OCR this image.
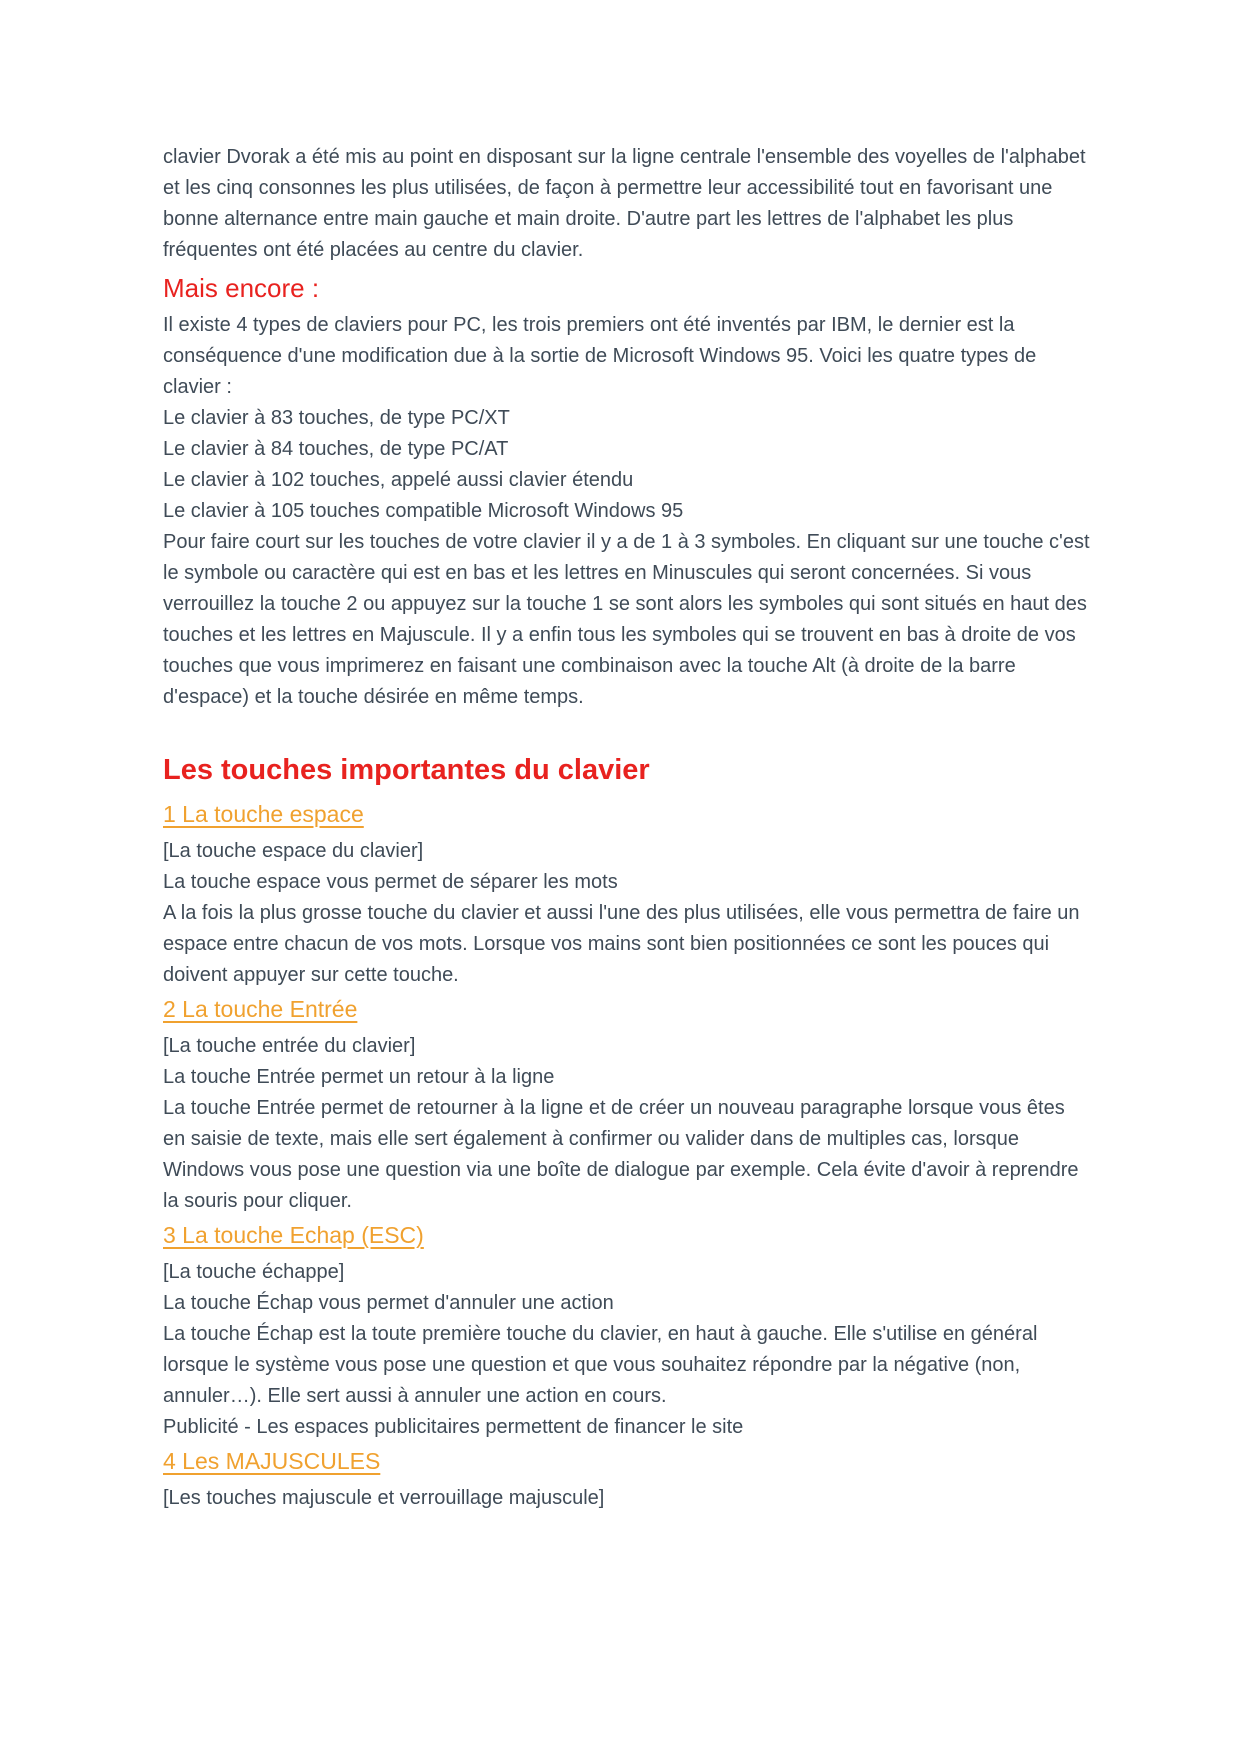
clavier Dvorak a été mis au point en disposant sur la ligne centrale l'ensemble des voyelles de l'alphabet et les cinq consonnes les plus utilisées, de façon à permettre leur accessibilité tout en favorisant une bonne alternance entre main gauche et main droite. D'autre part les lettres de l'alphabet les plus fréquentes ont été placées au centre du clavier.

Mais encore :

Il existe 4 types de claviers pour PC, les trois premiers ont été inventés par IBM, le dernier est la conséquence d'une modification due à la sortie de Microsoft Windows 95. Voici les quatre types de clavier :

Le clavier à 83 touches, de type PC/XT
Le clavier à 84 touches, de type PC/AT
Le clavier à 102 touches, appelé aussi clavier étendu
Le clavier à 105 touches compatible Microsoft Windows 95

Pour faire court sur les touches de votre clavier il y a de 1 à 3 symboles. En cliquant sur une touche c'est le symbole ou caractère qui est en bas et les lettres en Minuscules qui seront concernées. Si vous verrouillez la touche 2 ou appuyez sur la touche 1 se sont alors les symboles qui sont situés en haut des touches et les lettres en Majuscule. Il y a enfin tous les symboles qui se trouvent en bas à droite de vos touches que vous imprimerez en faisant une combinaison avec la touche Alt (à droite de la barre d'espace) et la touche désirée en même temps.

Les touches importantes du clavier
1 La touche espace

[La touche espace du clavier]

La touche espace vous permet de séparer les mots

A la fois la plus grosse touche du clavier et aussi l'une des plus utilisées, elle vous permettra de faire un espace entre chacun de vos mots. Lorsque vos mains sont bien positionnées ce sont les pouces qui doivent appuyer sur cette touche.

2 La touche Entrée

[La touche entrée du clavier]

La touche Entrée permet un retour à la ligne

La touche Entrée permet de retourner à la ligne et de créer un nouveau paragraphe lorsque vous êtes en saisie de texte, mais elle sert également à confirmer ou valider dans de multiples cas, lorsque Windows vous pose une question via une boîte de dialogue par exemple. Cela évite d'avoir à reprendre la souris pour cliquer.

3 La touche Echap (ESC)

[La touche échappe]

La touche Échap vous permet d'annuler une action

La touche Échap est la toute première touche du clavier, en haut à gauche. Elle s'utilise en général lorsque le système vous pose une question et que vous souhaitez répondre par la négative (non, annuler…). Elle sert aussi à annuler une action en cours.

Publicité - Les espaces publicitaires permettent de financer le site
4 Les MAJUSCULES

[Les touches majuscule et verrouillage majuscule]
